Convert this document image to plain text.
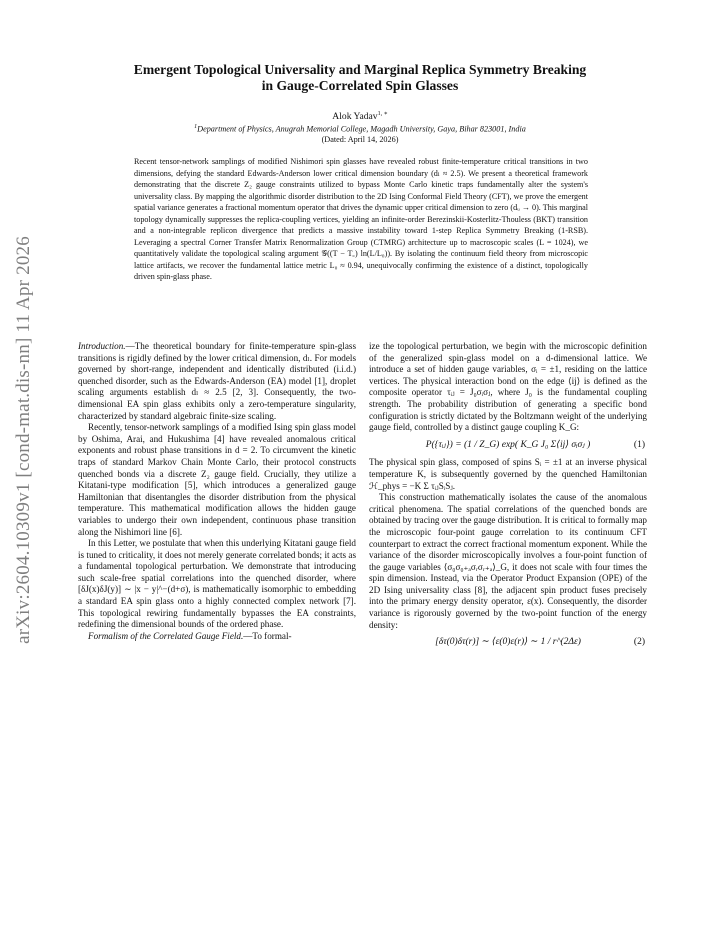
arXiv:2604.10309v1 [cond-mat.dis-nn] 11 Apr 2026
Emergent Topological Universality and Marginal Replica Symmetry Breaking
in Gauge-Correlated Spin Glasses
Alok Yadav$^{1, ∗}$
$^1$Department of Physics, Anugrah Memorial College, Magadh University, Gaya, Bihar 823001, India
(Dated: April 14, 2026)
Recent tensor-network samplings of modified Nishimori spin glasses have revealed robust finite-temperature critical transitions in two dimensions, defying the standard Edwards-Anderson lower critical dimension boundary (dₗ ≈ 2.5). We present a theoretical framework demonstrating that the discrete Z₂ gauge constraints utilized to bypass Monte Carlo kinetic traps fundamentally alter the system's universality class. By mapping the algorithmic disorder distribution to the 2D Ising Conformal Field Theory (CFT), we prove the emergent spatial variance generates a fractional momentum operator that drives the dynamic upper critical dimension to zero (dᵤ → 0). This marginal topology dynamically suppresses the replica-coupling vertices, yielding an infinite-order Berezinskii-Kosterlitz-Thouless (BKT) transition and a non-integrable replicon divergence that predicts a massive instability toward 1-step Replica Symmetry Breaking (1-RSB). Leveraging a spectral Corner Transfer Matrix Renormalization Group (CTMRG) architecture up to macroscopic scales (L = 1024), we quantitatively validate the topological scaling argument 𝒢((T − T꜀) ln(L/L₀)). By isolating the continuum field theory from microscopic lattice artifacts, we recover the fundamental lattice metric L₀ ≈ 0.94, unequivocally confirming the existence of a distinct, topologically driven spin-glass phase.

Introduction.—The theoretical boundary for finite-temperature spin-glass transitions is rigidly defined by the lower critical dimension, dₗ. For models governed by short-range, independent and identically distributed (i.i.d.) quenched disorder, such as the Edwards-Anderson (EA) model [1], droplet scaling arguments establish dₗ ≈ 2.5 [2, 3]. Consequently, the two-dimensional EA spin glass exhibits only a zero-temperature singularity, characterized by standard algebraic finite-size scaling.

Recently, tensor-network samplings of a modified Ising spin glass model by Oshima, Arai, and Hukushima [4] have revealed anomalous critical exponents and robust phase transitions in d = 2. To circumvent the kinetic traps of standard Markov Chain Monte Carlo, their protocol constructs quenched bonds via a discrete Z₂ gauge field. Crucially, they utilize a Kitatani-type modification [5], which introduces a generalized gauge Hamiltonian that disentangles the disorder distribution from the physical temperature. This mathematical modification allows the hidden gauge variables to undergo their own independent, continuous phase transition along the Nishimori line [6].

In this Letter, we postulate that when this underlying Kitatani gauge field is tuned to criticality, it does not merely generate correlated bonds; it acts as a fundamental topological perturbation. We demonstrate that introducing such scale-free spatial correlations into the quenched disorder, where [δJ(x)δJ(y)] ∼ |x − y|^−(d+σ), is mathematically isomorphic to embedding a standard EA spin glass onto a highly connected complex network [7]. This topological rewiring fundamentally bypasses the EA constraints, redefining the dimensional bounds of the ordered phase.

Formalism of the Correlated Gauge Field.—To formal-

ize the topological perturbation, we begin with the microscopic definition of the generalized spin-glass model on a d-dimensional lattice. We introduce a set of hidden gauge variables, σᵢ = ±1, residing on the lattice vertices. The physical interaction bond on the edge ⟨ij⟩ is defined as the composite operator τᵢⱼ = J₀σᵢσⱼ, where J₀ is the fundamental coupling strength. The probability distribution of generating a specific bond configuration is strictly dictated by the Boltzmann weight of the underlying gauge field, controlled by a distinct gauge coupling K_G:

P({τᵢⱼ}) = (1 / Z_G) exp( K_G J₀ Σ⟨ij⟩ σᵢσⱼ )	(1)

The physical spin glass, composed of spins Sᵢ = ±1 at an inverse physical temperature K, is subsequently governed by the quenched Hamiltonian ℋ_phys = −K Σ τᵢⱼSᵢSⱼ.

This construction mathematically isolates the cause of the anomalous critical phenomena. The spatial correlations of the quenched bonds are obtained by tracing over the gauge distribution. It is critical to formally map the microscopic four-point gauge correlation to its continuum CFT counterpart to extract the correct fractional momentum exponent. While the variance of the disorder microscopically involves a four-point function of the gauge variables ⟨σ₀σ₀₊ₐσᵣσᵣ₊ₐ⟩_G, it does not scale with four times the spin dimension. Instead, via the Operator Product Expansion (OPE) of the 2D Ising universality class [8], the adjacent spin product fuses precisely into the primary energy density operator, ε(x). Consequently, the disorder variance is rigorously governed by the two-point function of the energy density:

[δτ(0)δτ(r)] ∼ ⟨ε(0)ε(r)⟩ ∼ 1 / r^(2Δε)	(2)
